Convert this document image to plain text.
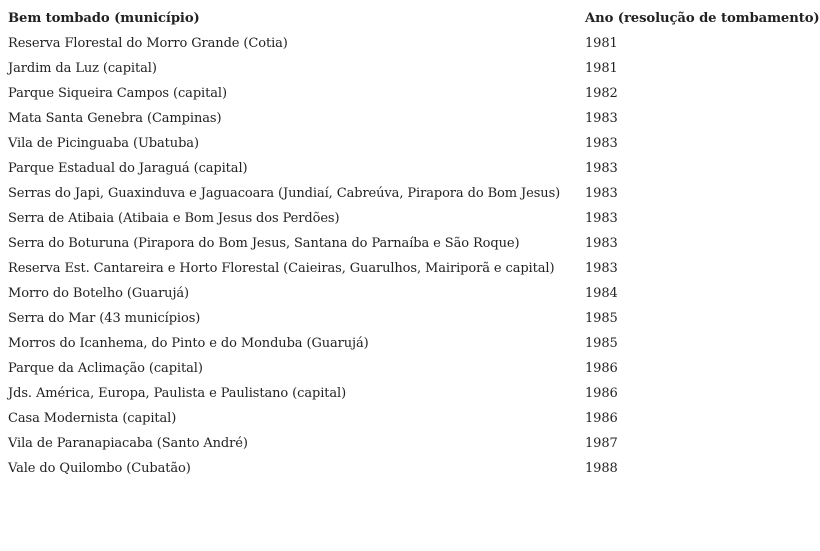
Bem tombado (município)	Ano (resolução de tombamento)
Reserva Florestal do Morro Grande (Cotia)	1981
Jardim da Luz (capital)	1981
Parque Siqueira Campos (capital)	1982
Mata Santa Genebra (Campinas)	1983
Vila de Picinguaba (Ubatuba)	1983
Parque Estadual do Jaraguá (capital)	1983
Serras do Japi, Guaxinduva e Jaguacoara (Jundiaí, Cabreúva, Pirapora do Bom Jesus)	1983
Serra de Atibaia (Atibaia e Bom Jesus dos Perdões)	1983
Serra do Boturuna (Pirapora do Bom Jesus, Santana do Parnaíba e São Roque)	1983
Reserva Est. Cantareira e Horto Florestal (Caieiras, Guarulhos, Mairiporã e capital)	1983
Morro do Botelho (Guarujá)	1984
Serra do Mar (43 municípios)	1985
Morros do Icanhema, do Pinto e do Monduba (Guarujá)	1985
Parque da Aclimação (capital)	1986
Jds. América, Europa, Paulista e Paulistano (capital)	1986
Casa Modernista (capital)	1986
Vila de Paranapiacaba (Santo André)	1987
Vale do Quilombo (Cubatão)	1988
